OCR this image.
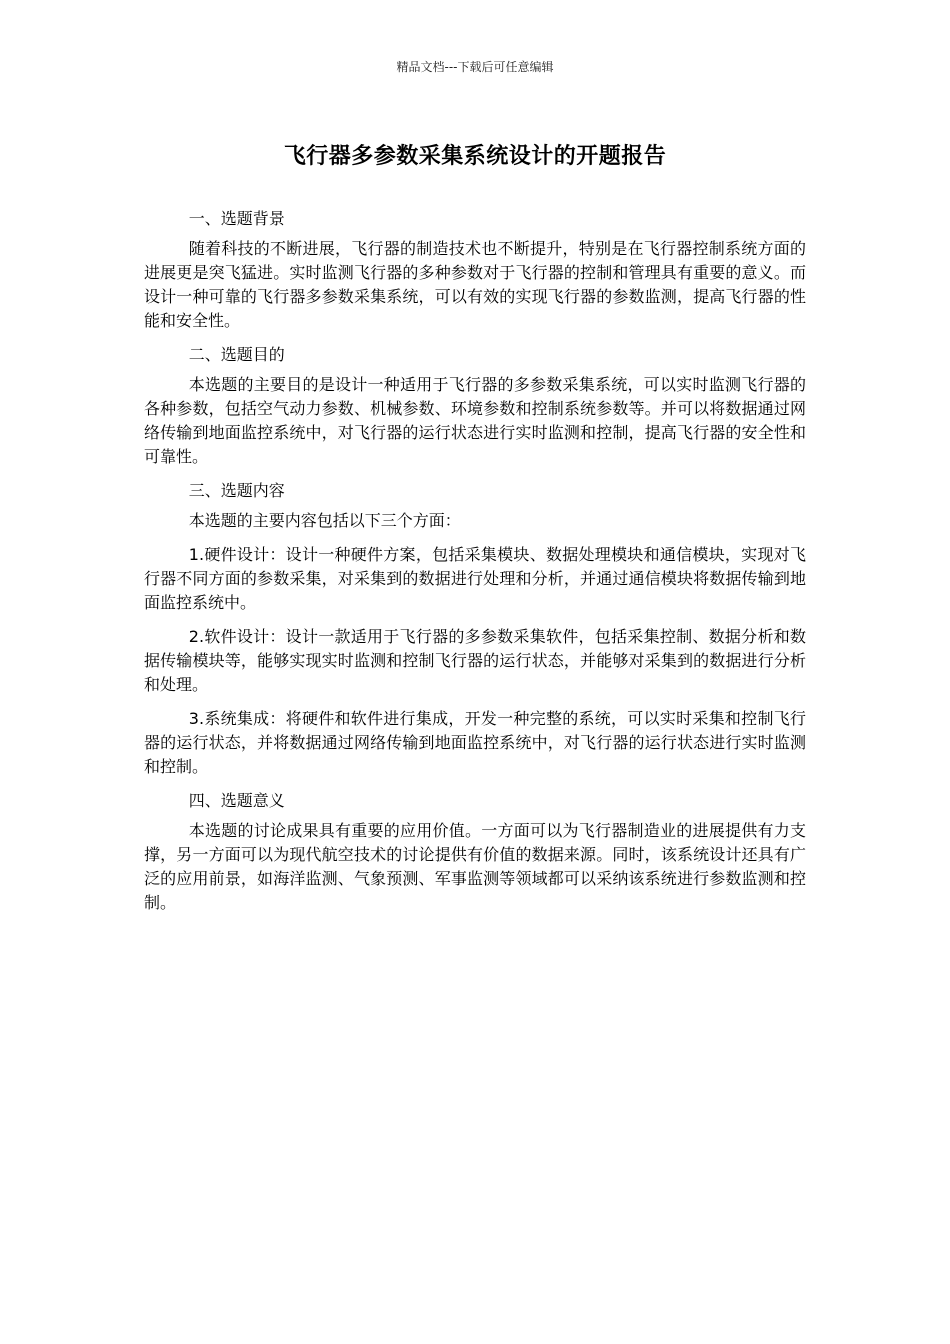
精品文档---下载后可任意编辑
飞行器多参数采集系统设计的开题报告

一、选题背景

随着科技的不断进展，飞行器的制造技术也不断提升，特别是在飞行器控制系统方面的进展更是突飞猛进。实时监测飞行器的多种参数对于飞行器的控制和管理具有重要的意义。而设计一种可靠的飞行器多参数采集系统，可以有效的实现飞行器的参数监测，提高飞行器的性能和安全性。

二、选题目的

本选题的主要目的是设计一种适用于飞行器的多参数采集系统，可以实时监测飞行器的各种参数，包括空气动力参数、机械参数、环境参数和控制系统参数等。并可以将数据通过网络传输到地面监控系统中，对飞行器的运行状态进行实时监测和控制，提高飞行器的安全性和可靠性。

三、选题内容

本选题的主要内容包括以下三个方面：

1.硬件设计：设计一种硬件方案，包括采集模块、数据处理模块和通信模块，实现对飞行器不同方面的参数采集，对采集到的数据进行处理和分析，并通过通信模块将数据传输到地面监控系统中。

2.软件设计：设计一款适用于飞行器的多参数采集软件，包括采集控制、数据分析和数据传输模块等，能够实现实时监测和控制飞行器的运行状态，并能够对采集到的数据进行分析和处理。

3.系统集成：将硬件和软件进行集成，开发一种完整的系统，可以实时采集和控制飞行器的运行状态，并将数据通过网络传输到地面监控系统中，对飞行器的运行状态进行实时监测和控制。

四、选题意义

本选题的讨论成果具有重要的应用价值。一方面可以为飞行器制造业的进展提供有力支撑，另一方面可以为现代航空技术的讨论提供有价值的数据来源。同时，该系统设计还具有广泛的应用前景，如海洋监测、气象预测、军事监测等领域都可以采纳该系统进行参数监测和控制。
